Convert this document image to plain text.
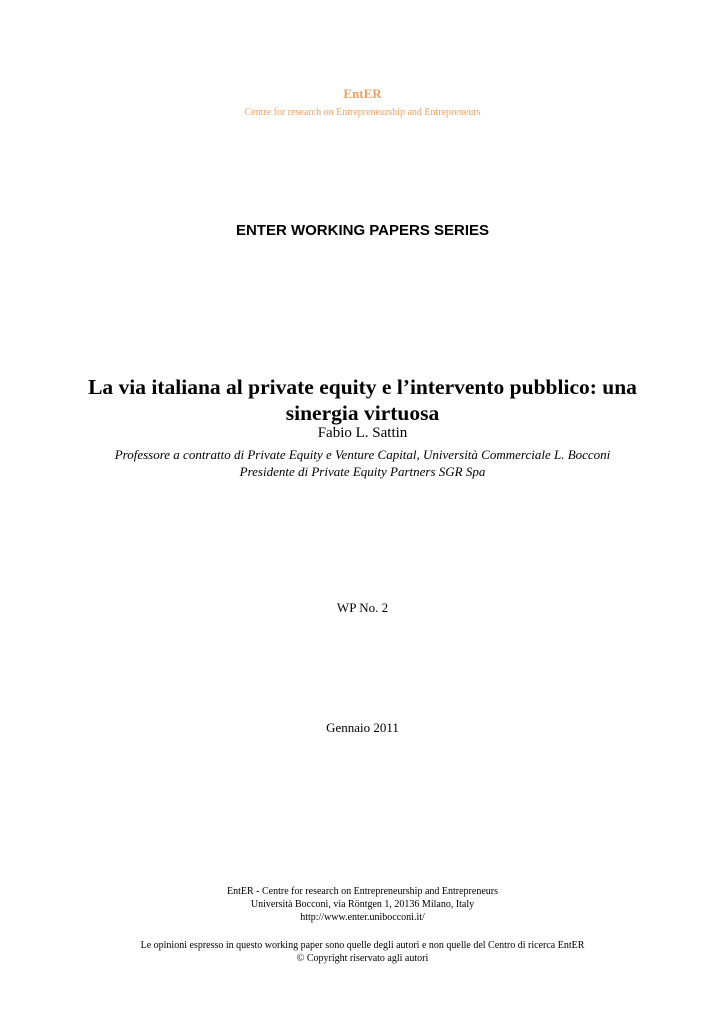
EntER
Centre for research on Entrepreneurship and Entrepreneurs
ENTER WORKING PAPERS SERIES
La via italiana al private equity e l’intervento pubblico: una
sinergia virtuosa
Fabio L. Sattin
Professore a contratto di Private Equity e Venture Capital, Università Commerciale L. Bocconi
Presidente di Private Equity Partners SGR Spa
WP No. 2
Gennaio 2011
EntER - Centre for research on Entrepreneurship and Entrepreneurs
Università Bocconi, via Röntgen 1, 20136 Milano, Italy
http://www.enter.unibocconi.it/
Le opinioni espresso in questo working paper sono quelle degli autori e non quelle del Centro di ricerca EntER
© Copyright riservato agli autori
